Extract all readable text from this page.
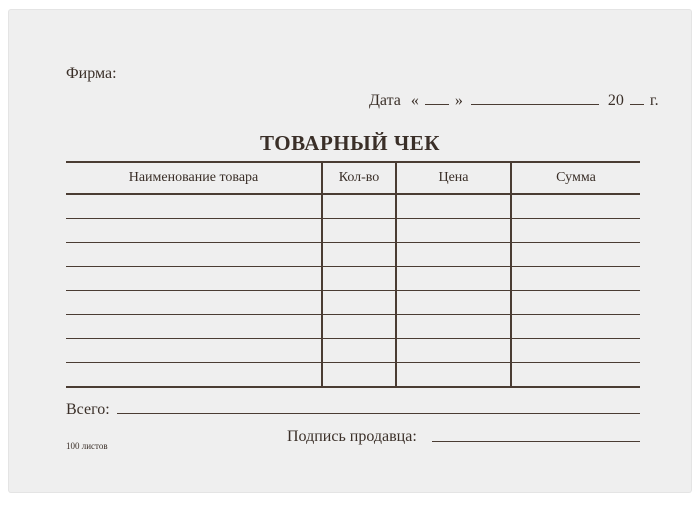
Фирма:
Дата « »	20 г.
ТОВАРНЫЙ ЧЕК
Наименование товара	Кол-во	Цена	Сумма

Всего:
100 листов
Подпись продавца:
